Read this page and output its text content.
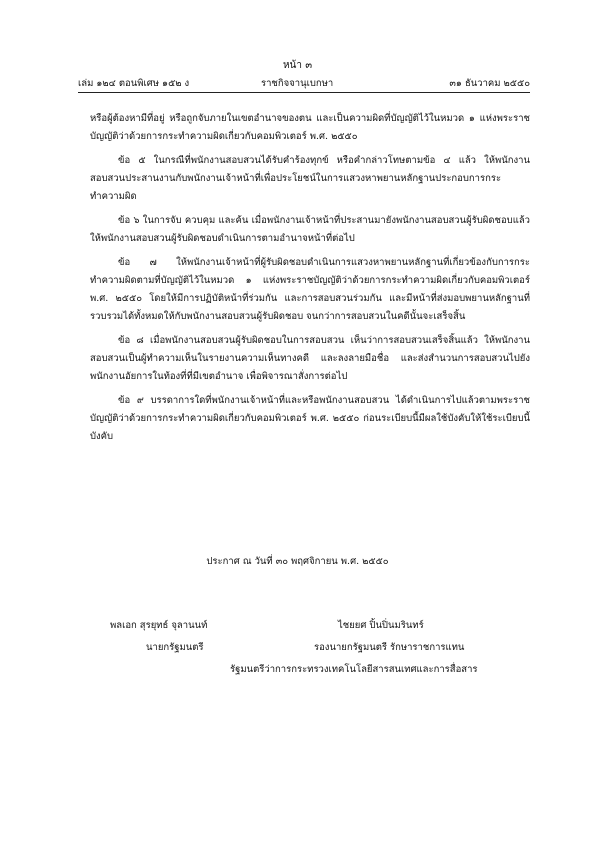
หน้า ๓
เล่ม ๑๒๔ ตอนพิเศษ ๑๕๒ ง	ราชกิจจานุเบกษา	๓๑ ธันวาคม ๒๕๕๐

หรือผู้ต้องหามีที่อยู่ หรือถูกจับภายในเขตอำนาจของตน และเป็นความผิดที่บัญญัติไว้ในหมวด ๑ แห่งพระราชบัญญัติว่าด้วยการกระทำความผิดเกี่ยวกับคอมพิวเตอร์ พ.ศ. ๒๕๕๐

ข้อ ๕ ในกรณีที่พนักงานสอบสวนได้รับคำร้องทุกข์ หรือคำกล่าวโทษตามข้อ ๔ แล้ว ให้พนักงานสอบสวนประสานงานกับพนักงานเจ้าหน้าที่เพื่อประโยชน์ในการแสวงหาพยานหลักฐานประกอบการกระทำความผิด

ข้อ ๖ ในการจับ ควบคุม และค้น เมื่อพนักงานเจ้าหน้าที่ประสานมายังพนักงานสอบสวนผู้รับผิดชอบแล้ว ให้พนักงานสอบสวนผู้รับผิดชอบดำเนินการตามอำนาจหน้าที่ต่อไป

ข้อ ๗ ให้พนักงานเจ้าหน้าที่ผู้รับผิดชอบดำเนินการแสวงหาพยานหลักฐานที่เกี่ยวข้องกับการกระทำความผิดตามที่บัญญัติไว้ในหมวด ๑ แห่งพระราชบัญญัติว่าด้วยการกระทำความผิดเกี่ยวกับคอมพิวเตอร์ พ.ศ. ๒๕๕๐ โดยให้มีการปฏิบัติหน้าที่ร่วมกัน และการสอบสวนร่วมกัน และมีหน้าที่ส่งมอบพยานหลักฐานที่รวบรวมได้ทั้งหมดให้กับพนักงานสอบสวนผู้รับผิดชอบ จนกว่าการสอบสวนในคดีนั้นจะเสร็จสิ้น

ข้อ ๘ เมื่อพนักงานสอบสวนผู้รับผิดชอบในการสอบสวน เห็นว่าการสอบสวนเสร็จสิ้นแล้ว ให้พนักงานสอบสวนเป็นผู้ทำความเห็นในรายงานความเห็นทางคดี และลงลายมือชื่อ และส่งสำนวนการสอบสวนไปยังพนักงานอัยการในท้องที่ที่มีเขตอำนาจ เพื่อพิจารณาสั่งการต่อไป

ข้อ ๙ บรรดาการใดที่พนักงานเจ้าหน้าที่และหรือพนักงานสอบสวน ได้ดำเนินการไปแล้วตามพระราชบัญญัติว่าด้วยการกระทำความผิดเกี่ยวกับคอมพิวเตอร์ พ.ศ. ๒๕๕๐ ก่อนระเบียบนี้มีผลใช้บังคับให้ใช้ระเบียบนี้บังคับ

ประกาศ ณ วันที่ ๓๐ พฤศจิกายน พ.ศ. ๒๕๕๐
พลเอก สุรยุทธ์ จุลานนท์
นายกรัฐมนตรี
ไชยยศ ปิ้นปิ่นมรินทร์
รองนายกรัฐมนตรี รักษาราชการแทน
รัฐมนตรีว่าการกระทรวงเทคโนโลยีสารสนเทศและการสื่อสาร
